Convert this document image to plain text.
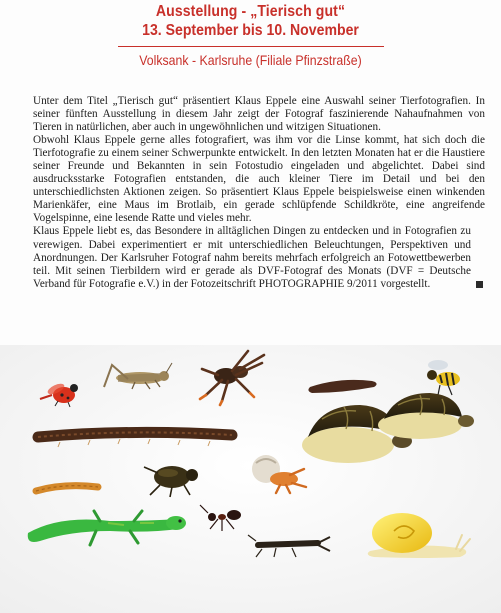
Ausstellung - „Tierisch gut“
13. September bis 10. November
Volksank - Karlsruhe (Filiale Pfinzstraße)

Unter dem Titel „Tierisch gut“ präsentiert Klaus Eppele eine Auswahl seiner Tierfotografien. In seiner fünften Ausstellung in diesem Jahr zeigt der Fotograf faszinierende Nahaufnahmen von Tieren in natürlichen, aber auch in ungewöhnlichen und witzigen Situationen.

Obwohl Klaus Eppele gerne alles fotografiert, was ihm vor die Linse kommt, hat sich doch die Tierfotografie zu einem seiner Schwerpunkte entwickelt. In den letzten Monaten hat er die Haustiere seiner Freunde und Bekannten in sein Fotostudio eingeladen und abgelichtet. Dabei sind ausdrucksstarke Fotografien entstanden, die auch kleiner Tiere im Detail und bei den unterschiedlichsten Aktionen zeigen. So präsentiert Klaus Eppele beispielsweise einen winkenden Marienkäfer, eine Maus im Brotlaib, ein gerade schlüpfende Schildkröte, eine angreifende Vogelspinne, eine lesende Ratte und vieles mehr.

Klaus Eppele liebt es, das Besondere in alltäglichen Dingen zu entdecken und in Fotografien zu verewigen. Dabei experimentiert er mit unterschiedlichen Beleuchtungen, Perspektiven und Anordnungen. Der Karlsruher Fotograf nahm bereits mehrfach erfolgreich an Fotowettbewerben teil. Mit seinen Tierbildern wird er gerade als DVF-Fotograf des Monats (DVF = Deutsche Verband für Fotografie e.V.) in der Fotozeitschrift PHOTOGRAPHIE 9/2011 vorgestellt.
